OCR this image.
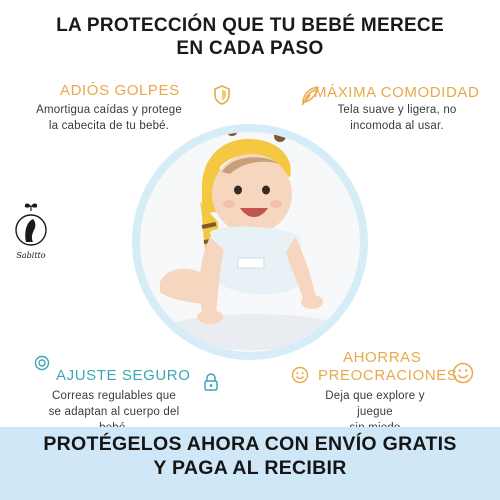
LA PROTECCIÓN QUE TU BEBÉ MERECE
EN CADA PASO
ADIÓS GOLPES
Amortigua caídas y protege
la cabecita de tu bebé.
MÁXIMA COMODIDAD
Tela suave y ligera, no
incomoda al usar.
Sabitto
AJUSTE SEGURO
Correas regulables que
se adaptan al cuerpo del
AHORRAS
PREOCRACIONES
Deja que explore y
juegue
PROTÉGELOS AHORA CON ENVÍO GRATIS
Y PAGA AL RECIBIR
